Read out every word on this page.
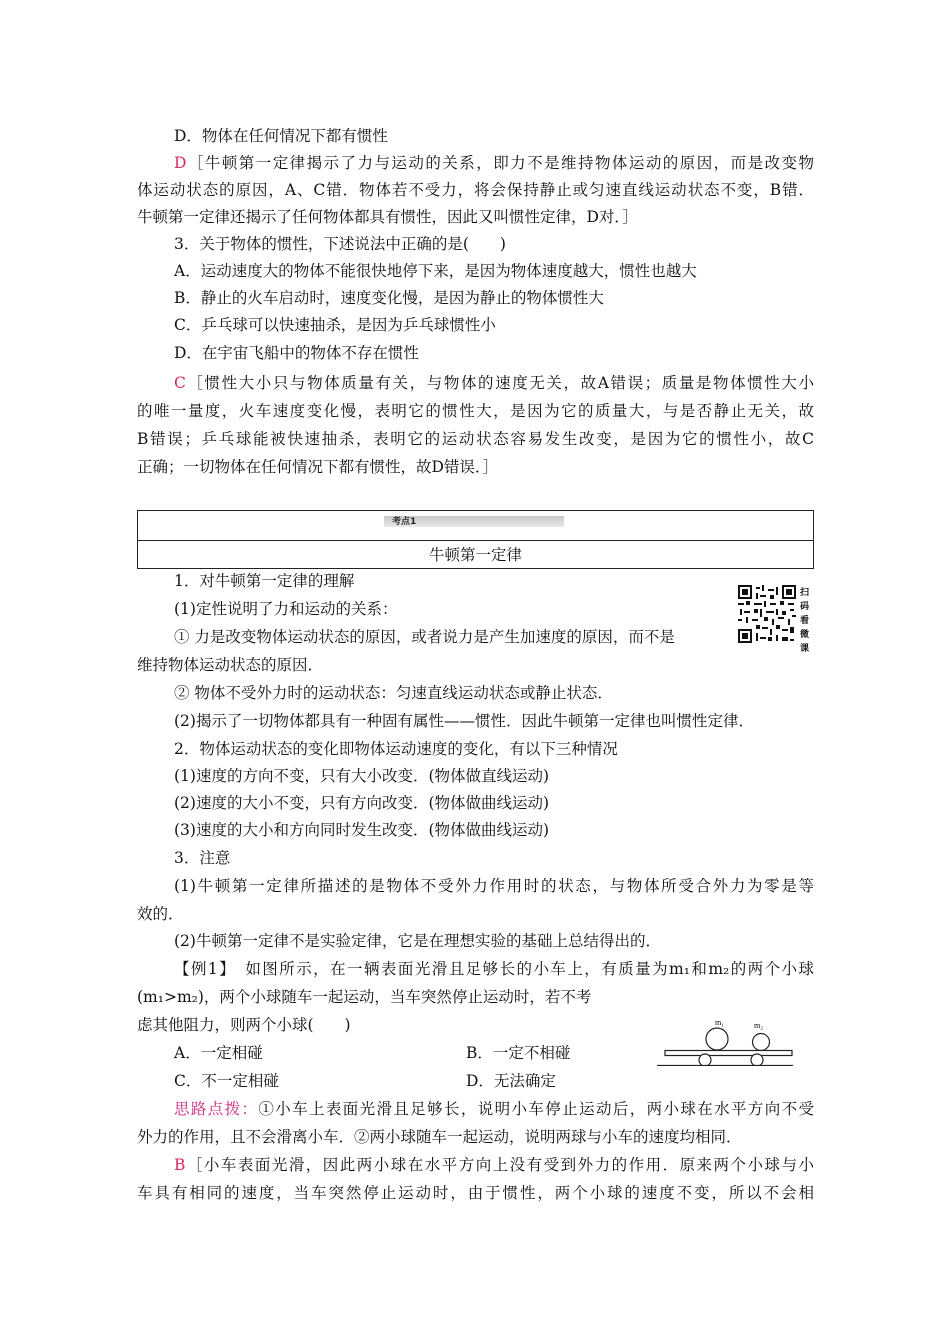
D．物体在任何情况下都有惯性
D［牛顿第一定律揭示了力与运动的关系，即力不是维持物体运动的原因，而是改变物
体运动状态的原因，A、C错．物体若不受力，将会保持静止或匀速直线运动状态不变，B错．
牛顿第一定律还揭示了任何物体都具有惯性，因此又叫惯性定律，D对．］
3．关于物体的惯性，下述说法中正确的是(　　)
A．运动速度大的物体不能很快地停下来，是因为物体速度越大，惯性也越大
B．静止的火车启动时，速度变化慢，是因为静止的物体惯性大
C．乒乓球可以快速抽杀，是因为乒乓球惯性小
D．在宇宙飞船中的物体不存在惯性
C［惯性大小只与物体质量有关，与物体的速度无关，故A错误；质量是物体惯性大小
的唯一量度，火车速度变化慢，表明它的惯性大，是因为它的质量大，与是否静止无关，故
B错误；乒乓球能被快速抽杀，表明它的运动状态容易发生改变，是因为它的惯性小，故C
正确；一切物体在任何情况下都有惯性，故D错误．］
考点1
牛顿第一定律
扫码看微课
1．对牛顿第一定律的理解
(1)定性说明了力和运动的关系：
① 力是改变物体运动状态的原因，或者说力是产生加速度的原因，而不是
维持物体运动状态的原因．
② 物体不受外力时的运动状态：匀速直线运动状态或静止状态．
(2)揭示了一切物体都具有一种固有属性——惯性．因此牛顿第一定律也叫惯性定律．
2．物体运动状态的变化即物体运动速度的变化，有以下三种情况
(1)速度的方向不变，只有大小改变．(物体做直线运动)
(2)速度的大小不变，只有方向改变．(物体做曲线运动)
(3)速度的大小和方向同时发生改变．(物体做曲线运动)
3．注意
(1)牛顿第一定律所描述的是物体不受外力作用时的状态，与物体所受合外力为零是等
效的．
(2)牛顿第一定律不是实验定律，它是在理想实验的基础上总结得出的．
【例1】　如图所示，在一辆表面光滑且足够长的小车上，有质量为m₁和m₂的两个小球
(m₁>m₂)，两个小球随车一起运动，当车突然停止运动时，若不考
虑其他阻力，则两个小球(　　)
A．一定相碰	B．一定不相碰
C．不一定相碰	D．无法确定
m₁	m₂
思路点拨：①小车上表面光滑且足够长，说明小车停止运动后，两小球在水平方向不受
外力的作用，且不会滑离小车．②两小球随车一起运动，说明两球与小车的速度均相同．
B［小车表面光滑，因此两小球在水平方向上没有受到外力的作用．原来两个小球与小
车具有相同的速度，当车突然停止运动时，由于惯性，两个小球的速度不变，所以不会相
